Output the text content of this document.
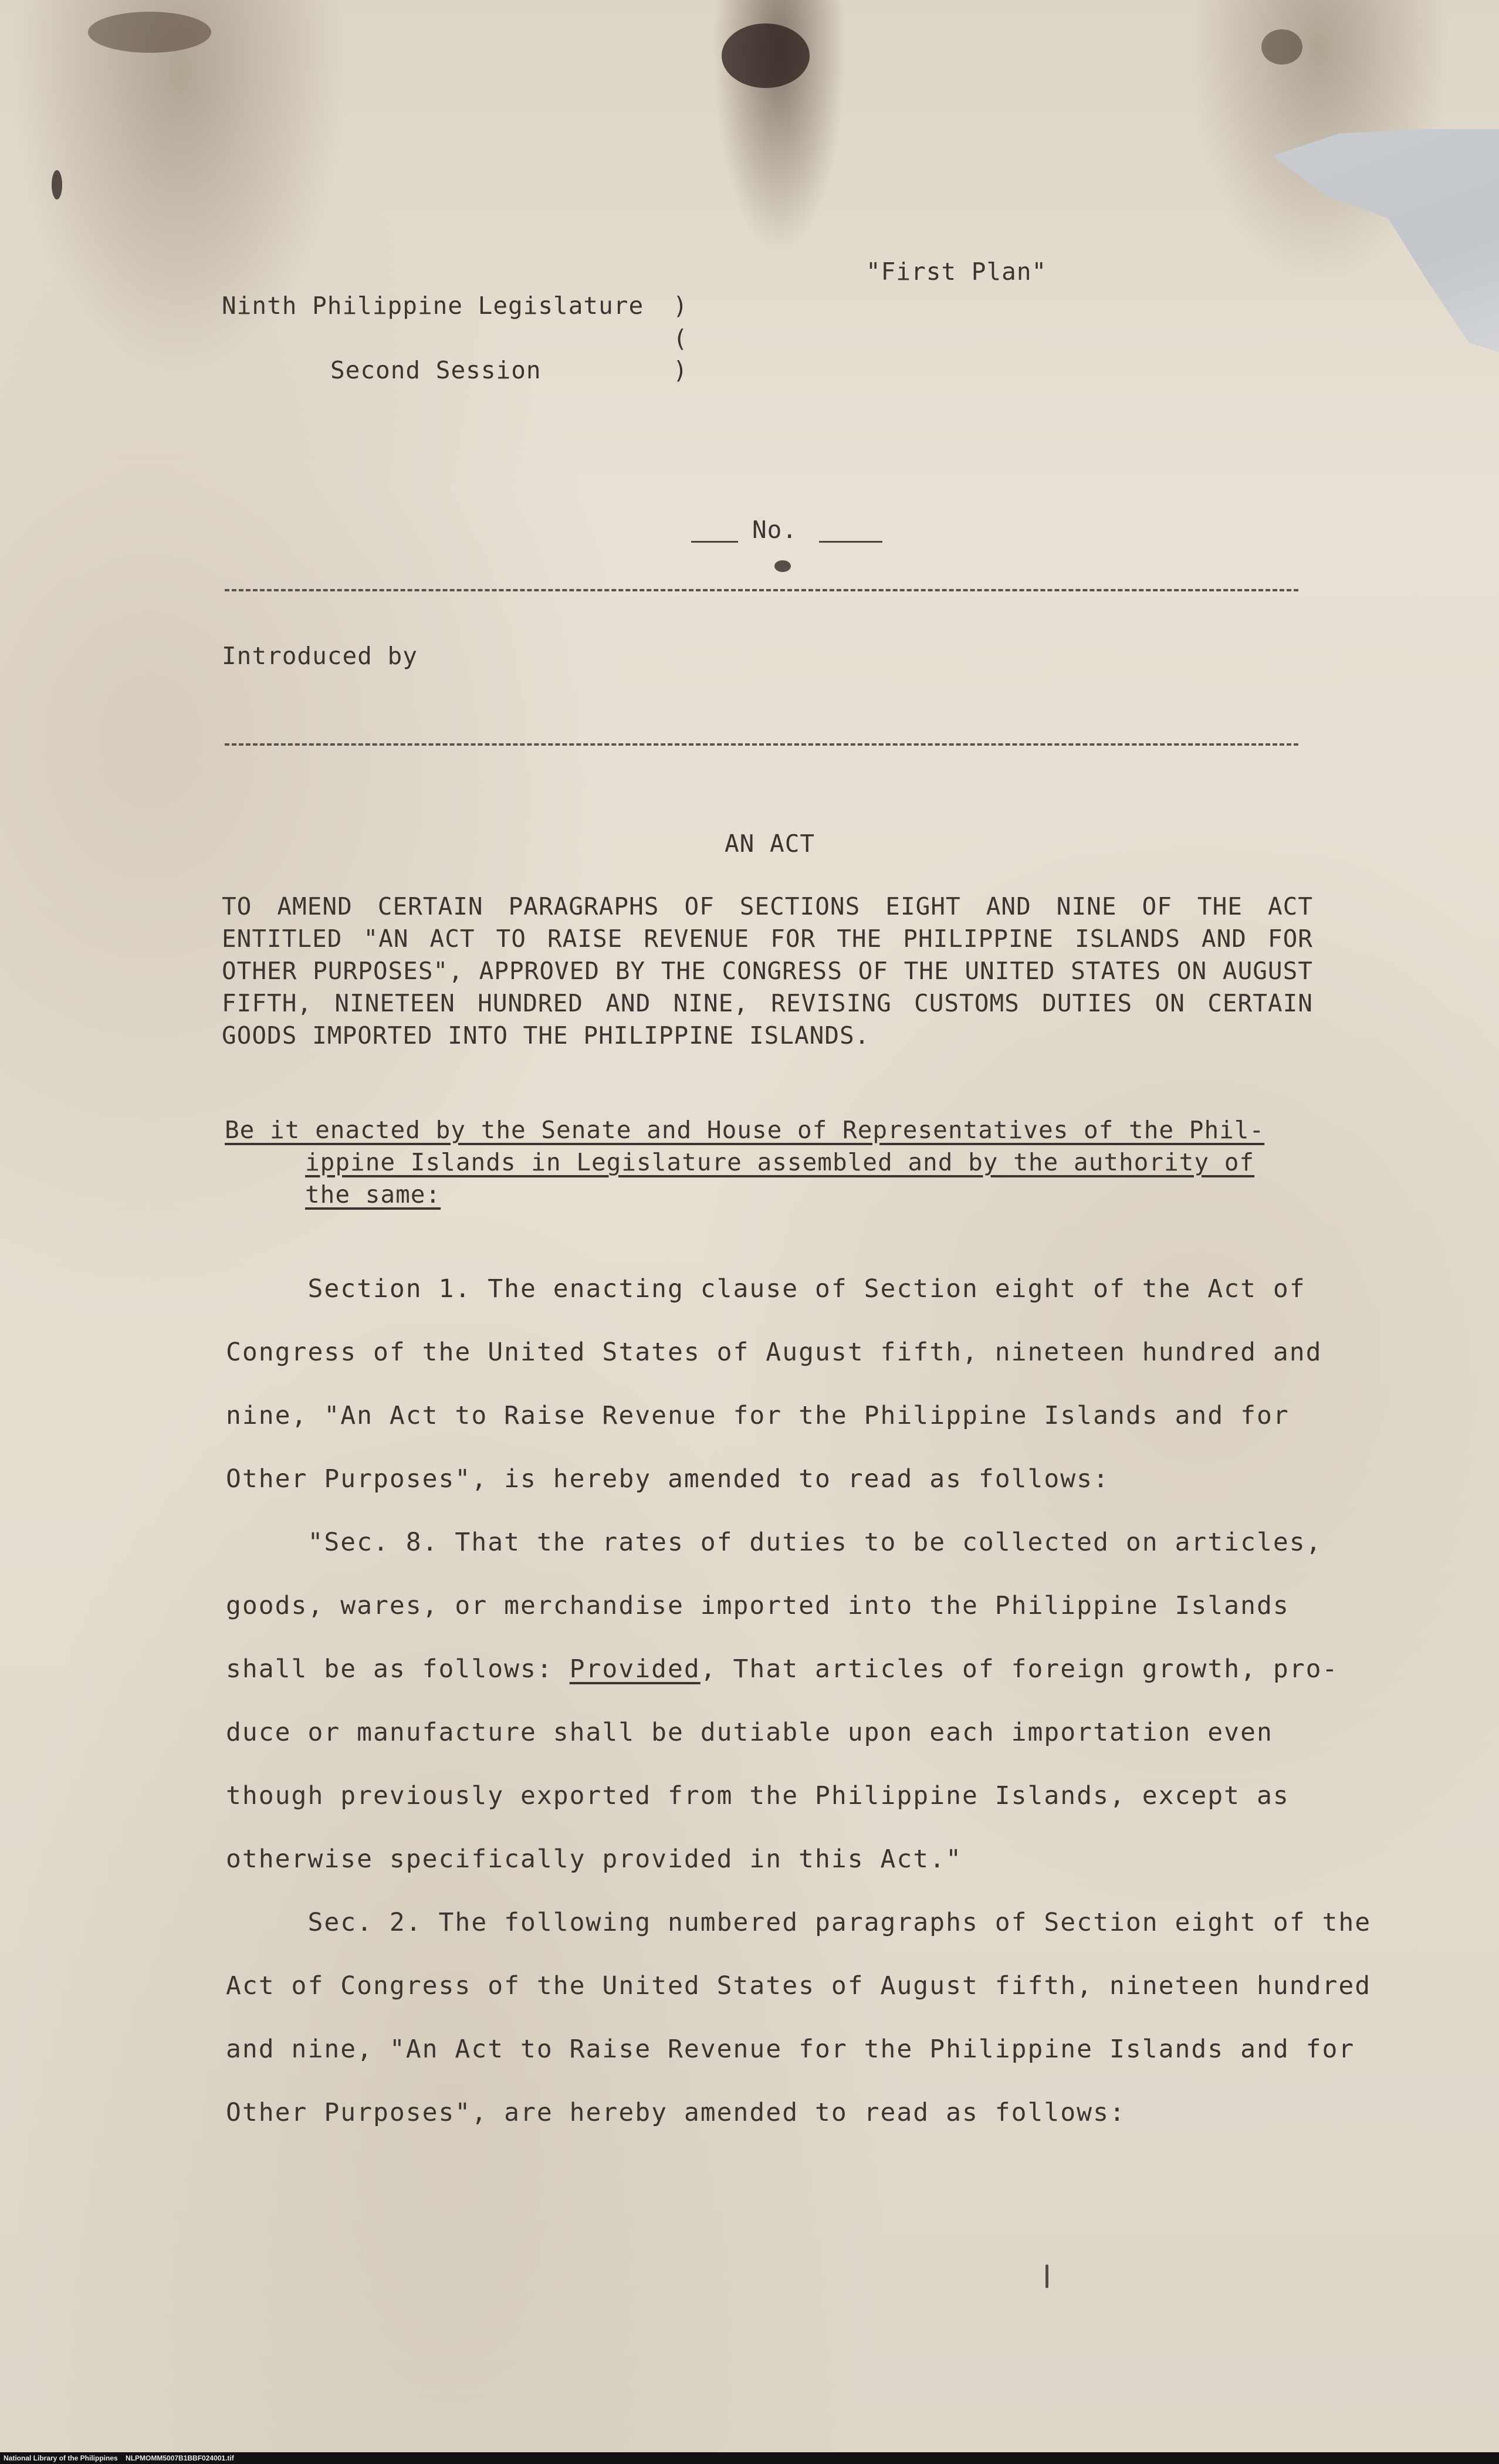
"First Plan"
Ninth Philippine Legislature )
(
Second Session	)
No.
Introduced by
AN ACT
TO AMEND CERTAIN PARAGRAPHS OF SECTIONS EIGHT AND NINE OF THE ACT ENTITLED "AN ACT TO RAISE REVENUE FOR THE PHILIPPINE ISLANDS AND FOR OTHER PURPOSES", APPROVED BY THE CONGRESS OF THE UNITED STATES ON AUGUST FIFTH, NINETEEN HUNDRED AND NINE, REVISING CUSTOMS DUTIES ON CERTAIN GOODS IMPORTED INTO THE PHILIPPINE ISLANDS.
Be it enacted by the Senate and House of Representatives of the Phil-
ippine Islands in Legislature assembled and by the authority of
the same:
Section 1. The enacting clause of Section eight of the Act of
Congress of the United States of August fifth, nineteen hundred and
nine, "An Act to Raise Revenue for the Philippine Islands and for
Other Purposes", is hereby amended to read as follows:
"Sec. 8. That the rates of duties to be collected on articles,
goods, wares, or merchandise imported into the Philippine Islands
shall be as follows: Provided, That articles of foreign growth, pro-
duce or manufacture shall be dutiable upon each importation even
though previously exported from the Philippine Islands, except as
otherwise specifically provided in this Act."
Sec. 2. The following numbered paragraphs of Section eight of the
Act of Congress of the United States of August fifth, nineteen hundred
and nine, "An Act to Raise Revenue for the Philippine Islands and for
Other Purposes", are hereby amended to read as follows:
National Library of the Philippines    NLPMOMM5007B1BBF024001.tif
